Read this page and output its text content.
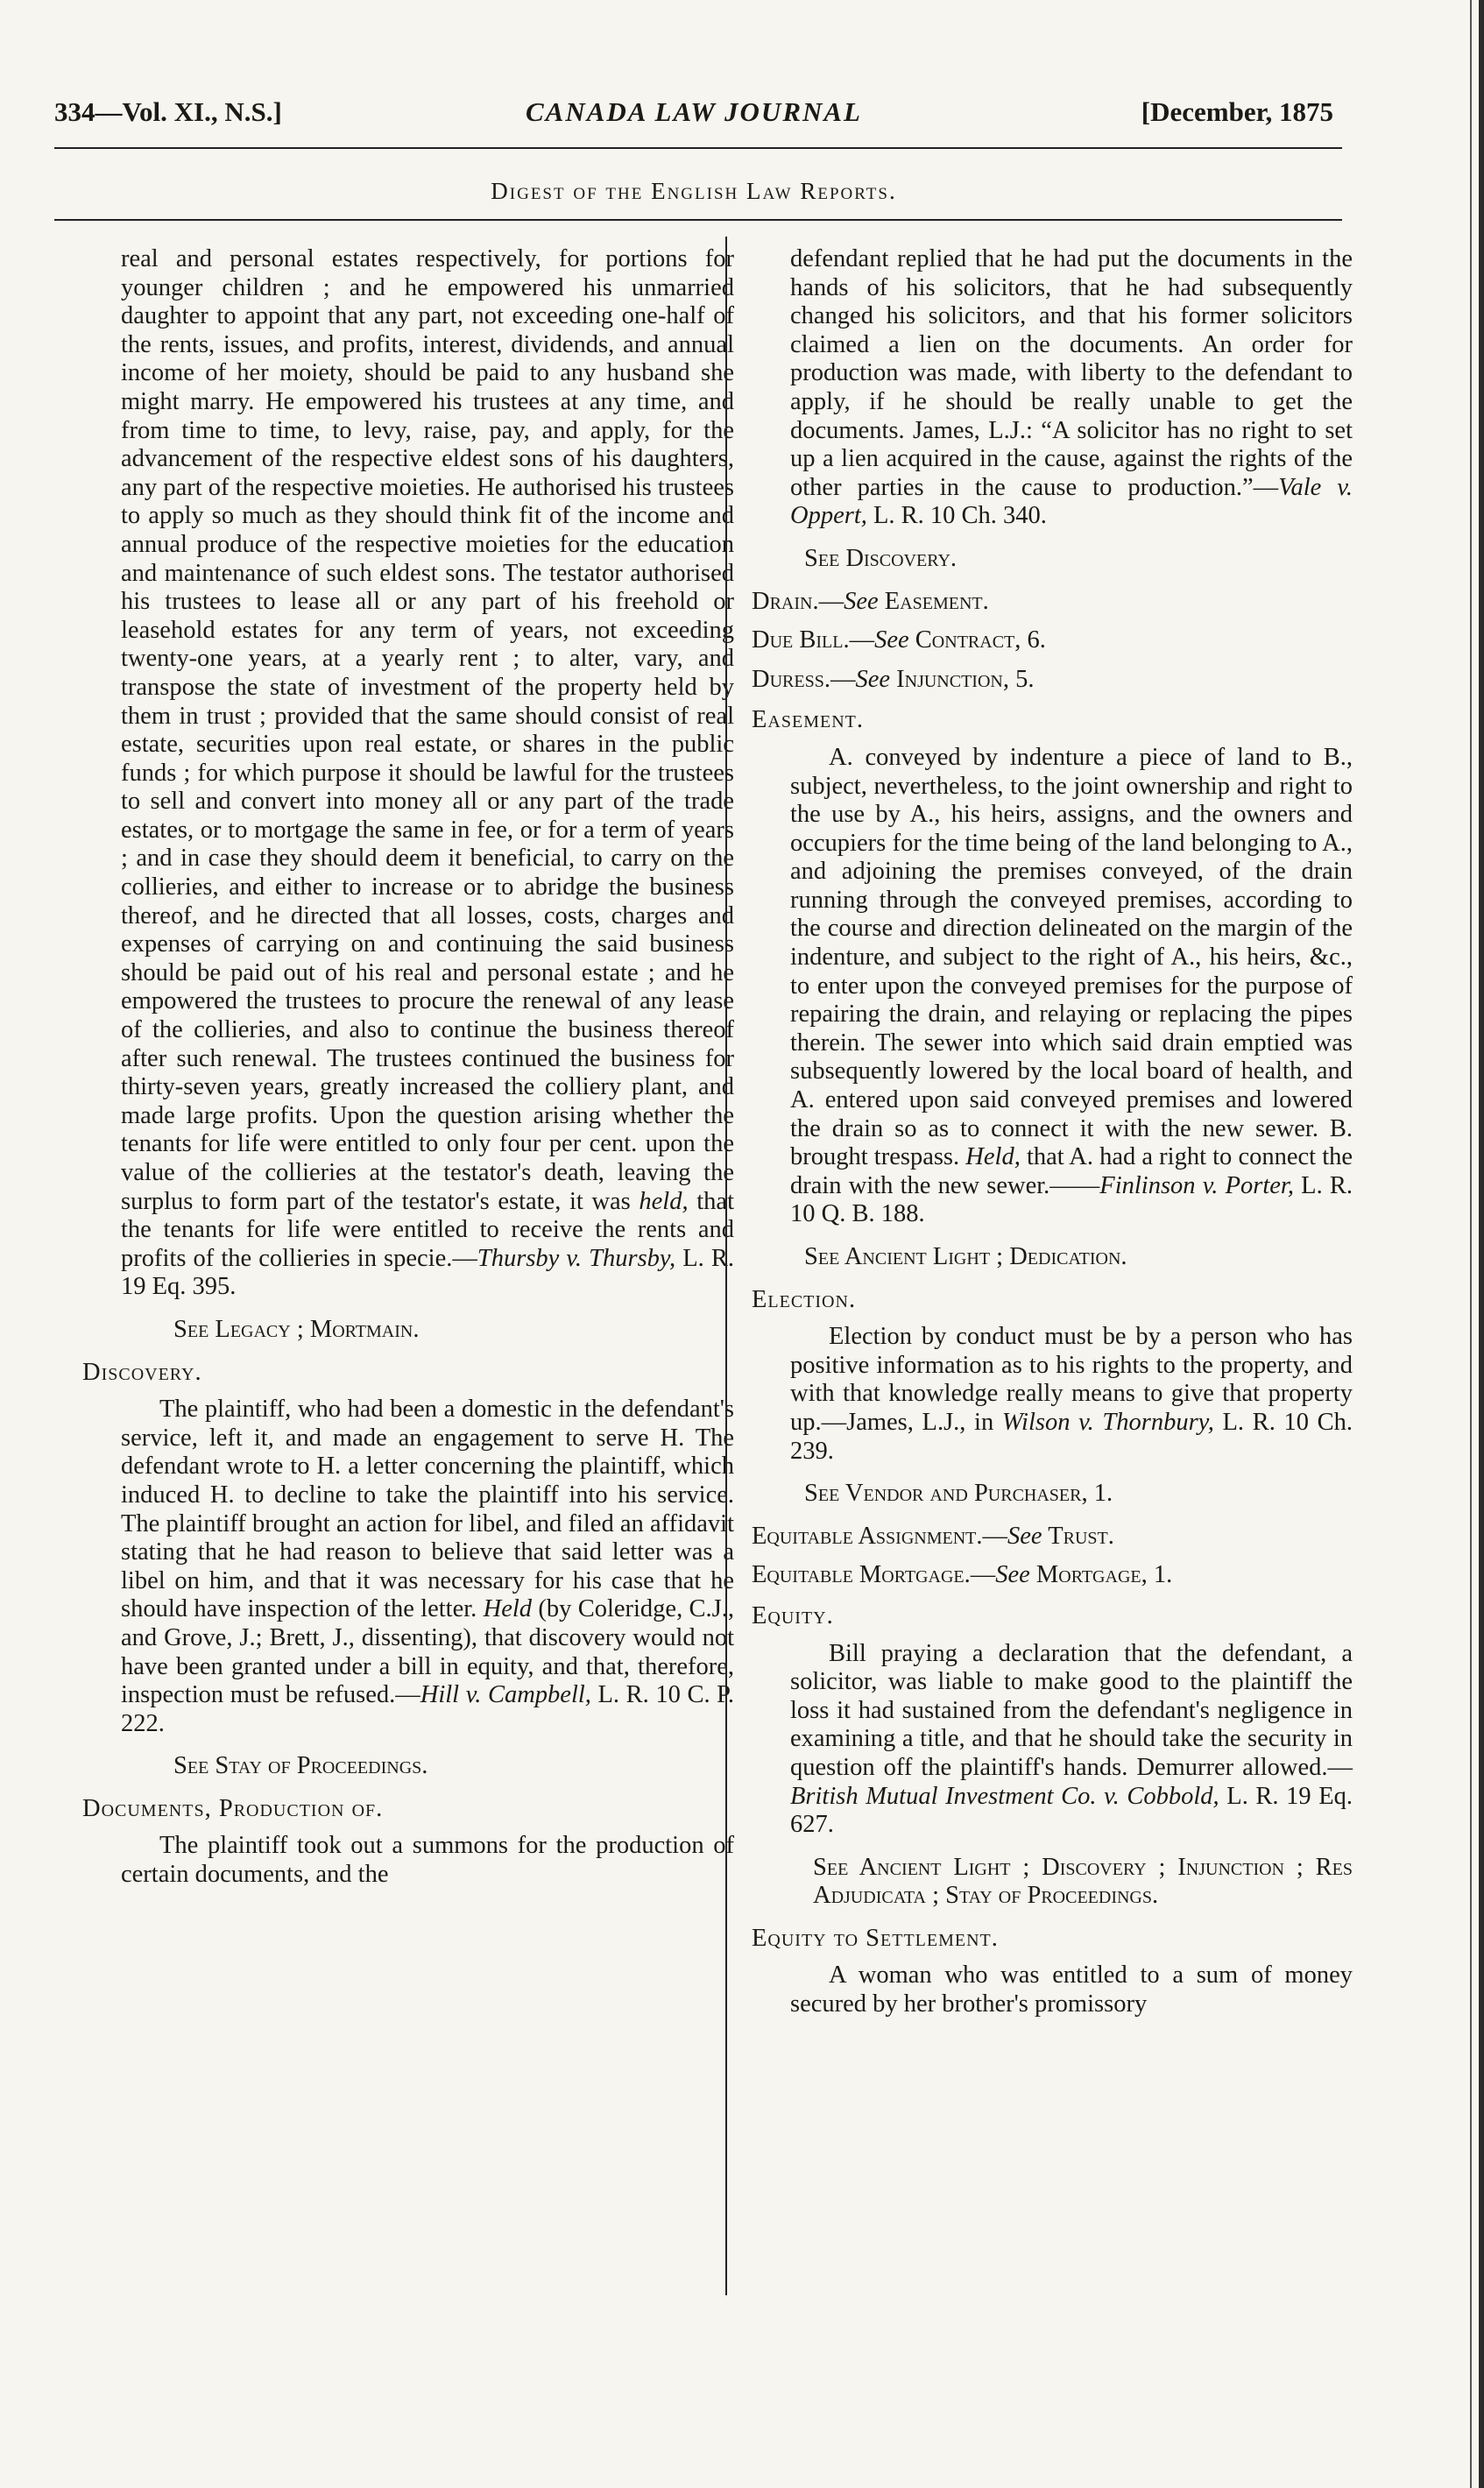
334—Vol. XI., N.S.]	CANADA LAW JOURNAL	[December, 1875
Digest of the English Law Reports.

real and personal estates respectively, for portions for younger children ; and he empowered his unmarried daughter to appoint that any part, not exceeding one-half of the rents, issues, and profits, interest, dividends, and annual income of her moiety, should be paid to any husband she might marry. He empowered his trustees at any time, and from time to time, to levy, raise, pay, and apply, for the advancement of the respective eldest sons of his daughters, any part of the respective moieties. He authorised his trustees to apply so much as they should think fit of the income and annual produce of the respective moieties for the education and maintenance of such eldest sons. The testator authorised his trustees to lease all or any part of his freehold or leasehold estates for any term of years, not exceeding twenty-one years, at a yearly rent ; to alter, vary, and transpose the state of investment of the property held by them in trust ; provided that the same should consist of real estate, securities upon real estate, or shares in the public funds ; for which purpose it should be lawful for the trustees to sell and convert into money all or any part of the trade estates, or to mortgage the same in fee, or for a term of years ; and in case they should deem it beneficial, to carry on the collieries, and either to increase or to abridge the business thereof, and he directed that all losses, costs, charges and expenses of carrying on and continuing the said business should be paid out of his real and personal estate ; and he empowered the trustees to procure the renewal of any lease of the collieries, and also to continue the business thereof after such renewal. The trustees continued the business for thirty-seven years, greatly increased the colliery plant, and made large profits. Upon the question arising whether the tenants for life were entitled to only four per cent. upon the value of the collieries at the testator's death, leaving the surplus to form part of the testator's estate, it was held, that the tenants for life were entitled to receive the rents and profits of the collieries in specie.—Thursby v. Thursby, L. R. 19 Eq. 395.

See Legacy ; Mortmain.

Discovery.

The plaintiff, who had been a domestic in the defendant's service, left it, and made an engagement to serve H. The defendant wrote to H. a letter concerning the plaintiff, which induced H. to decline to take the plaintiff into his service. The plaintiff brought an action for libel, and filed an affidavit stating that he had reason to believe that said letter was a libel on him, and that it was necessary for his case that he should have inspection of the letter. Held (by Coleridge, C.J., and Grove, J.; Brett, J., dissenting), that discovery would not have been granted under a bill in equity, and that, therefore, inspection must be refused.—Hill v. Campbell, L. R. 10 C. P. 222.

See Stay of Proceedings.

Documents, Production of.

The plaintiff took out a summons for the production of certain documents, and the

defendant replied that he had put the documents in the hands of his solicitors, that he had subsequently changed his solicitors, and that his former solicitors claimed a lien on the documents. An order for production was made, with liberty to the defendant to apply, if he should be really unable to get the documents. James, L.J.: “A solicitor has no right to set up a lien acquired in the cause, against the rights of the other parties in the cause to production.”—Vale v. Oppert, L. R. 10 Ch. 340.

See Discovery.

Drain.—See Easement.

Due Bill.—See Contract, 6.

Duress.—See Injunction, 5.

Easement.

A. conveyed by indenture a piece of land to B., subject, nevertheless, to the joint ownership and right to the use by A., his heirs, assigns, and the owners and occupiers for the time being of the land belonging to A., and adjoining the premises conveyed, of the drain running through the conveyed premises, according to the course and direction delineated on the margin of the indenture, and subject to the right of A., his heirs, &c., to enter upon the conveyed premises for the purpose of repairing the drain, and relaying or replacing the pipes therein. The sewer into which said drain emptied was subsequently lowered by the local board of health, and A. entered upon said conveyed premises and lowered the drain so as to connect it with the new sewer. B. brought trespass. Held, that A. had a right to connect the drain with the new sewer.——Finlinson v. Porter, L. R. 10 Q. B. 188.

See Ancient Light ; Dedication.

Election.

Election by conduct must be by a person who has positive information as to his rights to the property, and with that knowledge really means to give that property up.—James, L.J., in Wilson v. Thornbury, L. R. 10 Ch. 239.

See Vendor and Purchaser, 1.

Equitable Assignment.—See Trust.

Equitable Mortgage.—See Mortgage, 1.

Equity.

Bill praying a declaration that the defendant, a solicitor, was liable to make good to the plaintiff the loss it had sustained from the defendant's negligence in examining a title, and that he should take the security in question off the plaintiff's hands. Demurrer allowed.—British Mutual Investment Co. v. Cobbold, L. R. 19 Eq. 627.

See Ancient Light ; Discovery ; Injunction ; Res Adjudicata ; Stay of Proceedings.

Equity to Settlement.

A woman who was entitled to a sum of money secured by her brother's promissory
